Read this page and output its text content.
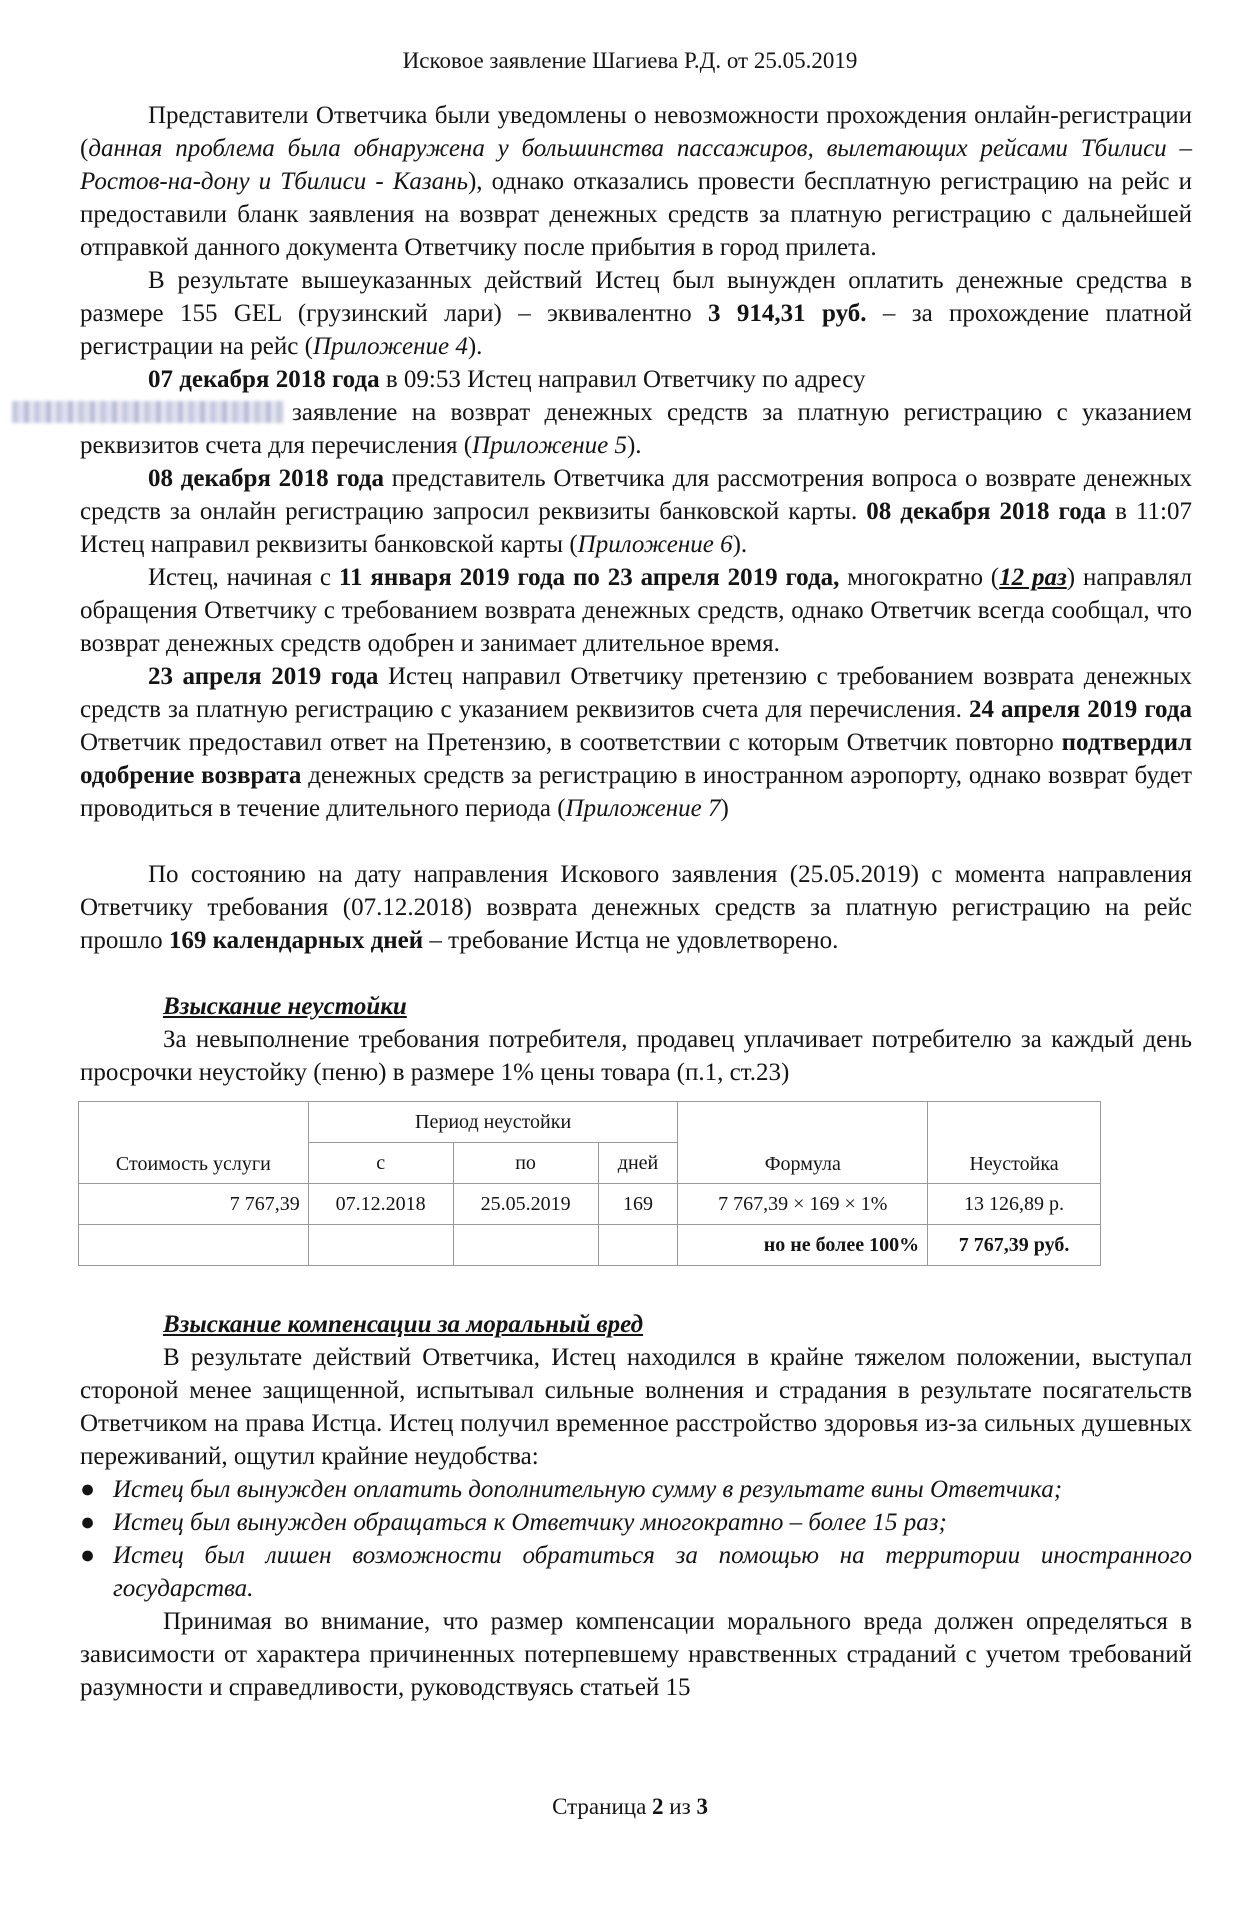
Исковое заявление Шагиева Р.Д. от 25.05.2019

Представители Ответчика были уведомлены о невозможности прохождения онлайн-регистрации (данная проблема была обнаружена у большинства пассажиров, вылетающих рейсами Тбилиси – Ростов-на-дону и Тбилиси - Казань), однако отказались провести бесплатную регистрацию на рейс и предоставили бланк заявления на возврат денежных средств за платную регистрацию с дальнейшей отправкой данного документа Ответчику после прибытия в город прилета.

В результате вышеуказанных действий Истец был вынужден оплатить денежные средства в размере 155 GEL (грузинский лари) – эквивалентно 3 914,31 руб. – за прохождение платной регистрации на рейс (Приложение 4).

07 декабря 2018 года в 09:53 Истец направил Ответчику по адресу
заявление на возврат денежных средств за платную регистрацию с указанием реквизитов счета для перечисления (Приложение 5).

08 декабря 2018 года представитель Ответчика для рассмотрения вопроса о возврате денежных средств за онлайн регистрацию запросил реквизиты банковской карты. 08 декабря 2018 года в 11:07 Истец направил реквизиты банковской карты (Приложение 6).

Истец, начиная с 11 января 2019 года по 23 апреля 2019 года, многократно (12 раз) направлял обращения Ответчику с требованием возврата денежных средств, однако Ответчик всегда сообщал, что возврат денежных средств одобрен и занимает длительное время.

23 апреля 2019 года Истец направил Ответчику претензию с требованием возврата денежных средств за платную регистрацию с указанием реквизитов счета для перечисления. 24 апреля 2019 года Ответчик предоставил ответ на Претензию, в соответствии с которым Ответчик повторно подтвердил одобрение возврата денежных средств за регистрацию в иностранном аэропорту, однако возврат будет проводиться в течение длительного периода (Приложение 7)

По состоянию на дату направления Искового заявления (25.05.2019) с момента направления Ответчику требования (07.12.2018) возврата денежных средств за платную регистрацию на рейс прошло 169 календарных дней – требование Истца не удовлетворено.

Взыскание неустойки

За невыполнение требования потребителя, продавец уплачивает потребителю за каждый день просрочки неустойку (пеню) в размере 1% цены товара (п.1, ст.23)

Стоимость услуги	Период неустойки			Формула	Неустойка
	с	по	дней		
7 767,39	07.12.2018	25.05.2019	169	7 767,39 × 169 × 1%	13 126,89 р.
				но не более 100%	7 767,39 руб.

Взыскание компенсации за моральный вред

В результате действий Ответчика, Истец находился в крайне тяжелом положении, выступал стороной менее защищенной, испытывал сильные волнения и страдания в результате посягательств Ответчиком на права Истца. Истец получил временное расстройство здоровья из-за сильных душевных переживаний, ощутил крайние неудобства:

● Истец был вынужден оплатить дополнительную сумму в результате вины Ответчика;
● Истец был вынужден обращаться к Ответчику многократно – более 15 раз;
● Истец был лишен возможности обратиться за помощью на территории иностранного государства.

Принимая во внимание, что размер компенсации морального вреда должен определяться в зависимости от характера причиненных потерпевшему нравственных страданий с учетом требований разумности и справедливости, руководствуясь статьей 15

Страница 2 из 3
